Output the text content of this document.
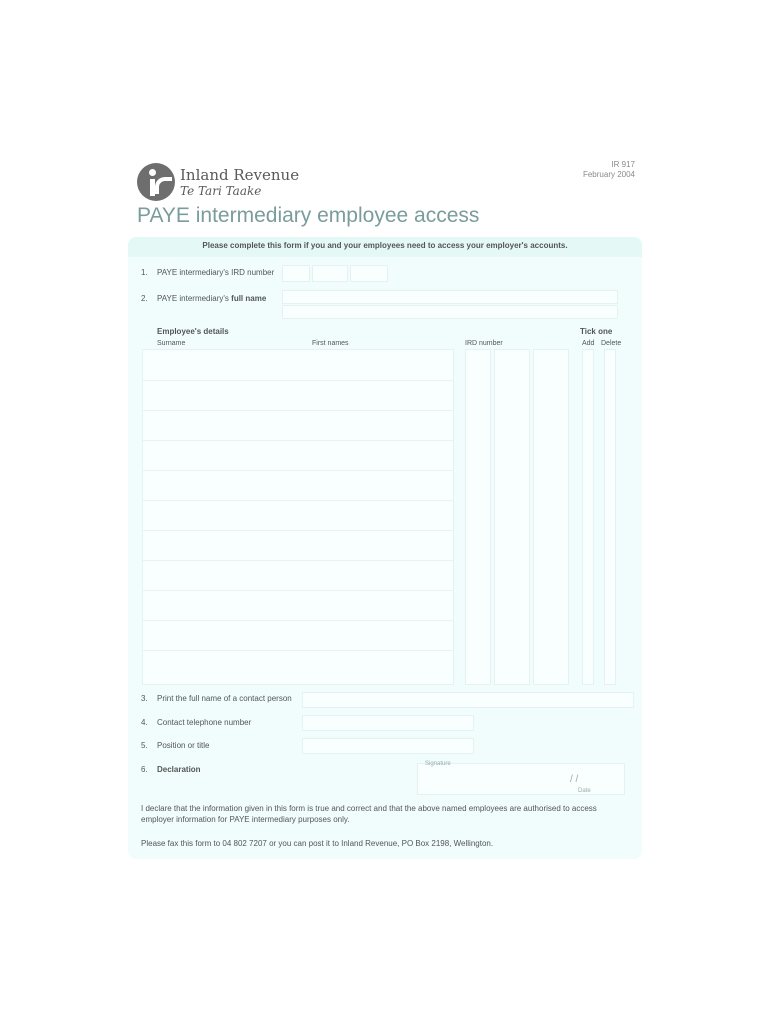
Inland Revenue
Te Tari Taake
IR 917
February 2004
PAYE intermediary employee access
Please complete this form if you and your employees need to access your employer's accounts.
1. PAYE intermediary's IRD number
2. PAYE intermediary's full name
Employee's details	Tick one
Surname	First names	IRD number	Add Delete
3. Print the full name of a contact person
4. Contact telephone number
5. Position or title
6. Declaration
Signature
/ /
Date
I declare that the information given in this form is true and correct and that the above named employees are authorised to access employer information for PAYE intermediary purposes only.
Please fax this form to 04 802 7207 or you can post it to Inland Revenue, PO Box 2198, Wellington.
